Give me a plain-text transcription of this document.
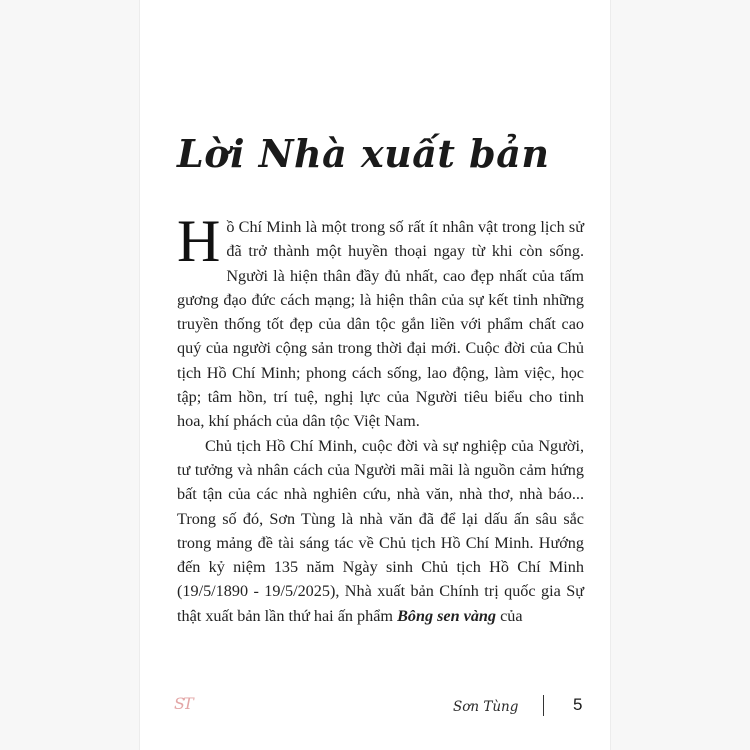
Lời Nhà xuất bản

Hồ Chí Minh là một trong số rất ít nhân vật trong lịch sử đã trở thành một huyền thoại ngay từ khi còn sống. Người là hiện thân đầy đủ nhất, cao đẹp nhất của tấm gương đạo đức cách mạng; là hiện thân của sự kết tinh những truyền thống tốt đẹp của dân tộc gắn liền với phẩm chất cao quý của người cộng sản trong thời đại mới. Cuộc đời của Chủ tịch Hồ Chí Minh; phong cách sống, lao động, làm việc, học tập; tâm hồn, trí tuệ, nghị lực của Người tiêu biểu cho tinh hoa, khí phách của dân tộc Việt Nam.

Chủ tịch Hồ Chí Minh, cuộc đời và sự nghiệp của Người, tư tưởng và nhân cách của Người mãi mãi là nguồn cảm hứng bất tận của các nhà nghiên cứu, nhà văn, nhà thơ, nhà báo... Trong số đó, Sơn Tùng là nhà văn đã để lại dấu ấn sâu sắc trong mảng đề tài sáng tác về Chủ tịch Hồ Chí Minh. Hướng đến kỷ niệm 135 năm Ngày sinh Chủ tịch Hồ Chí Minh (19/5/1890 - 19/5/2025), Nhà xuất bản Chính trị quốc gia Sự thật xuất bản lần thứ hai ấn phẩm Bông sen vàng của

ST	Sơn Tùng	5
